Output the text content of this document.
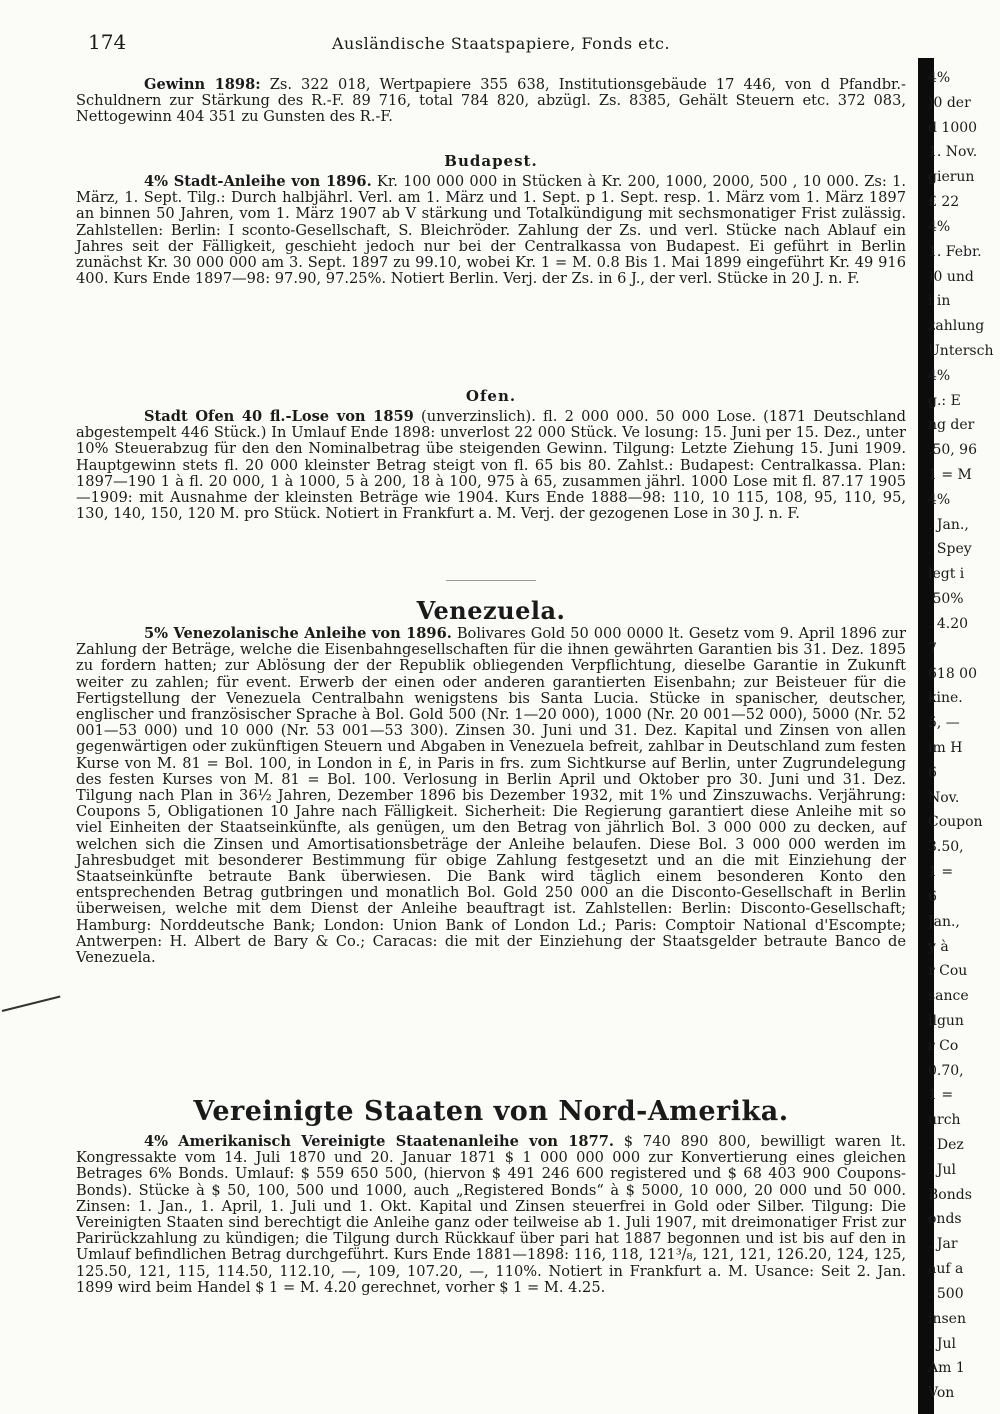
174	Ausländische Staatspapiere, Fonds etc.

Gewinn 1898: Zs. 322 018, Wertpapiere 355 638, Institutionsgebäude 17 446, von d Pfandbr.-Schuldnern zur Stärkung des R.-F. 89 716, total 784 820, abzügl. Zs. 8385, Gehält Steuern etc. 372 083, Nettogewinn 404 351 zu Gunsten des R.-F.

Budapest.

4% Stadt-Anleihe von 1896. Kr. 100 000 000 in Stücken à Kr. 200, 1000, 2000, 500 , 10 000. Zs: 1. März, 1. Sept. Tilg.: Durch halbjährl. Verl. am 1. März und 1. Sept. p 1. Sept. resp. 1. März vom 1. März 1897 an binnen 50 Jahren, vom 1. März 1907 ab V stärkung und Totalkündigung mit sechsmonatiger Frist zulässig. Zahlstellen: Berlin: I sconto-Gesellschaft, S. Bleichröder. Zahlung der Zs. und verl. Stücke nach Ablauf ein Jahres seit der Fälligkeit, geschieht jedoch nur bei der Centralkassa von Budapest. Ei geführt in Berlin zunächst Kr. 30 000 000 am 3. Sept. 1897 zu 99.10, wobei Kr. 1 = M. 0.8 Bis 1. Mai 1899 eingeführt Kr. 49 916 400. Kurs Ende 1897—98: 97.90, 97.25%. Notiert Berlin. Verj. der Zs. in 6 J., der verl. Stücke in 20 J. n. F.

Ofen.

Stadt Ofen 40 fl.-Lose von 1859 (unverzinslich). fl. 2 000 000. 50 000 Lose. (1871 Deutschland abgestempelt 446 Stück.) In Umlauf Ende 1898: unverlost 22 000 Stück. Ve losung: 15. Juni per 15. Dez., unter 10% Steuerabzug für den den Nominalbetrag übe steigenden Gewinn. Tilgung: Letzte Ziehung 15. Juni 1909. Hauptgewinn stets fl. 20 000 kleinster Betrag steigt von fl. 65 bis 80. Zahlst.: Budapest: Centralkassa. Plan: 1897—190 1 à fl. 20 000, 1 à 1000, 5 à 200, 18 à 100, 975 à 65, zusammen jährl. 1000 Lose mit fl. 87.17 1905—1909: mit Ausnahme der kleinsten Beträge wie 1904. Kurs Ende 1888—98: 110, 10 115, 108, 95, 110, 95, 130, 140, 150, 120 M. pro Stück. Notiert in Frankfurt a. M. Verj. der gezogenen Lose in 30 J. n. F.

Venezuela.

5% Venezolanische Anleihe von 1896. Bolivares Gold 50 000 0000 lt. Gesetz vom 9. April 1896 zur Zahlung der Beträge, welche die Eisenbahngesellschaften für die ihnen gewährten Garantien bis 31. Dez. 1895 zu fordern hatten; zur Ablösung der der Republik obliegenden Verpflichtung, dieselbe Garantie in Zukunft weiter zu zahlen; für event. Erwerb der einen oder anderen garantierten Eisenbahn; zur Beisteuer für die Fertigstellung der Venezuela Centralbahn wenigstens bis Santa Lucia. Stücke in spanischer, deutscher, englischer und französischer Sprache à Bol. Gold 500 (Nr. 1—20 000), 1000 (Nr. 20 001—52 000), 5000 (Nr. 52 001—53 000) und 10 000 (Nr. 53 001—53 300). Zinsen 30. Juni und 31. Dez. Kapital und Zinsen von allen gegenwärtigen oder zukünftigen Steuern und Abgaben in Venezuela befreit, zahlbar in Deutschland zum festen Kurse von M. 81 = Bol. 100, in London in £, in Paris in frs. zum Sichtkurse auf Berlin, unter Zugrundelegung des festen Kurses von M. 81 = Bol. 100. Verlosung in Berlin April und Oktober pro 30. Juni und 31. Dez. Tilgung nach Plan in 36½ Jahren, Dezember 1896 bis Dezember 1932, mit 1% und Zinszuwachs. Verjährung: Coupons 5, Obligationen 10 Jahre nach Fälligkeit. Sicherheit: Die Regierung garantiert diese Anleihe mit so viel Einheiten der Staatseinkünfte, als genügen, um den Betrag von jährlich Bol. 3 000 000 zu decken, auf welchen sich die Zinsen und Amortisationsbeträge der Anleihe belaufen. Diese Bol. 3 000 000 werden im Jahresbudget mit besonderer Bestimmung für obige Zahlung festgesetzt und an die mit Einziehung der Staatseinkünfte betraute Bank überwiesen. Die Bank wird täglich einem besonderen Konto den entsprechenden Betrag gutbringen und monatlich Bol. Gold 250 000 an die Disconto-Gesellschaft in Berlin überweisen, welche mit dem Dienst der Anleihe beauftragt ist. Zahlstellen: Berlin: Disconto-Gesellschaft; Hamburg: Norddeutsche Bank; London: Union Bank of London Ld.; Paris: Comptoir National d'Escompte; Antwerpen: H. Albert de Bary & Co.; Caracas: die mit der Einziehung der Staatsgelder betraute Banco de Venezuela.

Vereinigte Staaten von Nord-Amerika.

4% Amerikanisch Vereinigte Staatenanleihe von 1877. $ 740 890 800, bewilligt waren lt. Kongressakte vom 14. Juli 1870 und 20. Januar 1871 $ 1 000 000 000 zur Konvertierung eines gleichen Betrages 6% Bonds. Umlauf: $ 559 650 500, (hiervon $ 491 246 600 registered und $ 68 403 900 Coupons-Bonds). Stücke à $ 50, 100, 500 und 1000, auch „Registered Bonds“ à $ 5000, 10 000, 20 000 und 50 000. Zinsen: 1. Jan., 1. April, 1. Juli und 1. Okt. Kapital und Zinsen steuerfrei in Gold oder Silber. Tilgung: Die Vereinigten Staaten sind berechtigt die Anleihe ganz oder teilweise ab 1. Juli 1907, mit dreimonatiger Frist zur Parirückzahlung zu kündigen; die Tilgung durch Rückkauf über pari hat 1887 begonnen und ist bis auf den in Umlauf befindlichen Betrag durchgeführt. Kurs Ende 1881—1898: 116, 118, 121³/₈, 121, 121, 126.20, 124, 125, 125.50, 121, 115, 114.50, 112.10, —, 109, 107.20, —, 110%. Notiert in Frankfurt a. M. Usance: Seit 2. Jan. 1899 wird beim Handel $ 1 = M. 4.20 gerechnet, vorher $ 1 = M. 4.25.

4%
)0 der
d 1000
1. Nov.
gierun
£ 22
4%
1. Febr.
)0 und
i in
zahlung
Untersch
4%
g.: E
ng der
.50, 96
1 = M
4%
. Jan.,
. Spey
legt i
.50%
. 4.20
7
618 00
kine.
5, —
im H
6
Nov.
Coupon
3.50,
1 =
6
Jan.,
y à
r Cou
sance
ilgun
r Co
0.70,
1 =
urch
. Dez
. Jul
Bonds
onds
. Jar
auf a
. 500
insen
. Jul
Am 1
Von
